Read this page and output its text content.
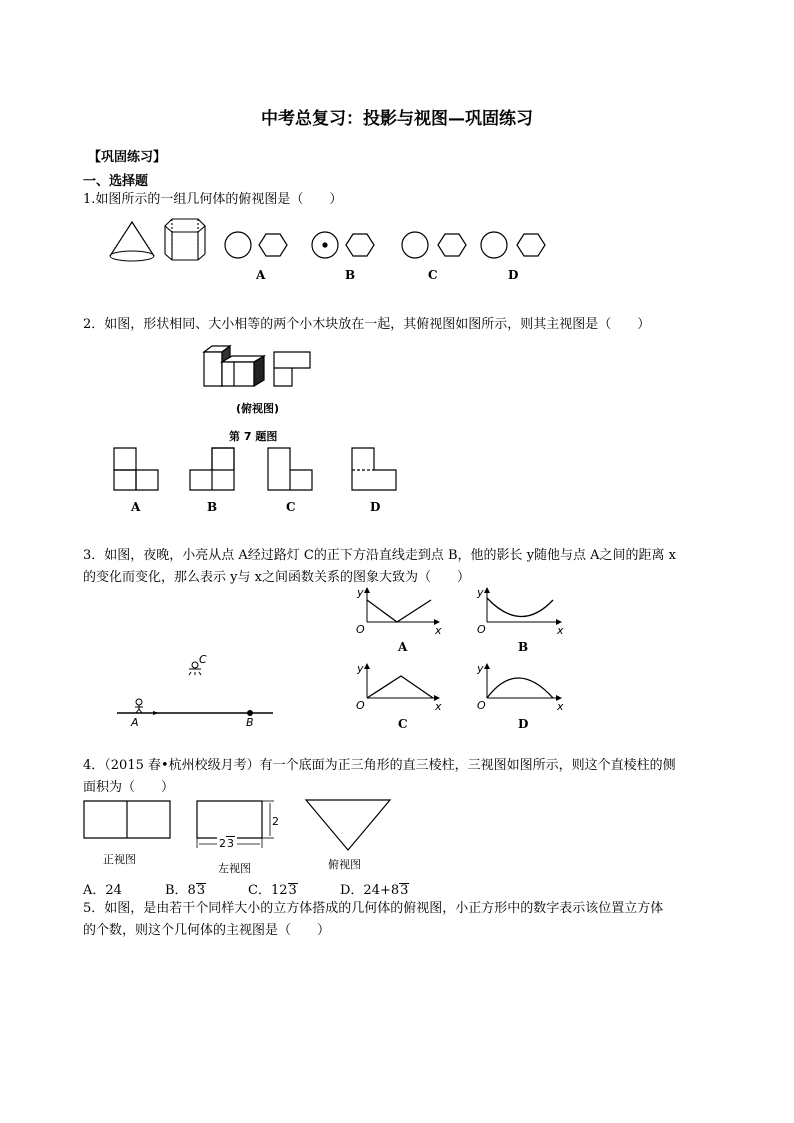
中考总复习：投影与视图—巩固练习
【巩固练习】
一、选择题
1.如图所示的一组几何体的俯视图是（　　）
A	B	C	D
2．如图，形状相同、大小相等的两个小木块放在一起，其俯视图如图所示，则其主视图是（　　）
(俯视图)
第 7 题图
A	B	C	D
3．如图，夜晚，小亮从点 A经过路灯 C的正下方沿直线走到点 B，他的影长 y随他与点 A之间的距离 x
的变化而变化，那么表示 y与 x之间函数关系的图象大致为（　　）
C
A	B
y
x
O
y
x
O
y
x
O
y
x
O
A	B
C	D
4．（2015 春•杭州校级月考）有一个底面为正三角形的直三棱柱，三视图如图所示，则这个直棱柱的侧
面积为（　　）
2
23
正视图
左视图	俯视图
A．24	B．83	C．123	D．24+83
5．如图，是由若干个同样大小的立方体搭成的几何体的俯视图，小正方形中的数字表示该位置立方体
的个数，则这个几何体的主视图是（　　）
